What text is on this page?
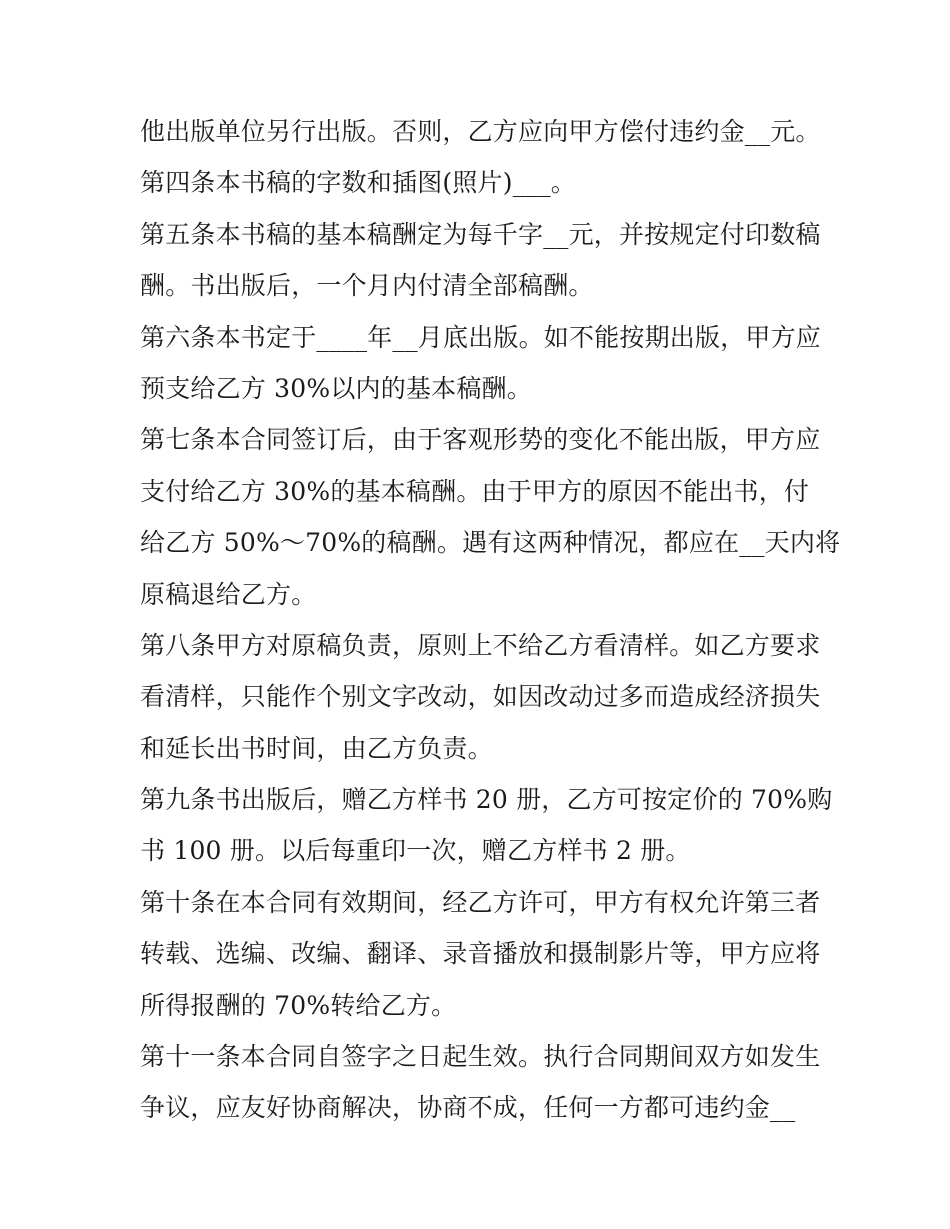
他出版单位另行出版。否则，乙方应向甲方偿付违约金__元。
第四条本书稿的字数和插图(照片)___。
第五条本书稿的基本稿酬定为每千字__元，并按规定付印数稿
酬。书出版后，一个月内付清全部稿酬。
第六条本书定于____年__月底出版。如不能按期出版，甲方应
预支给乙方 30%以内的基本稿酬。
第七条本合同签订后，由于客观形势的变化不能出版，甲方应
支付给乙方 30%的基本稿酬。由于甲方的原因不能出书，付
给乙方 50%～70%的稿酬。遇有这两种情况，都应在__天内将
原稿退给乙方。
第八条甲方对原稿负责，原则上不给乙方看清样。如乙方要求
看清样，只能作个别文字改动，如因改动过多而造成经济损失
和延长出书时间，由乙方负责。
第九条书出版后，赠乙方样书 20 册，乙方可按定价的 70%购
书 100 册。以后每重印一次，赠乙方样书 2 册。
第十条在本合同有效期间，经乙方许可，甲方有权允许第三者
转载、选编、改编、翻译、录音播放和摄制影片等，甲方应将
所得报酬的 70%转给乙方。
第十一条本合同自签字之日起生效。执行合同期间双方如发生
争议，应友好协商解决，协商不成，任何一方都可违约金__
